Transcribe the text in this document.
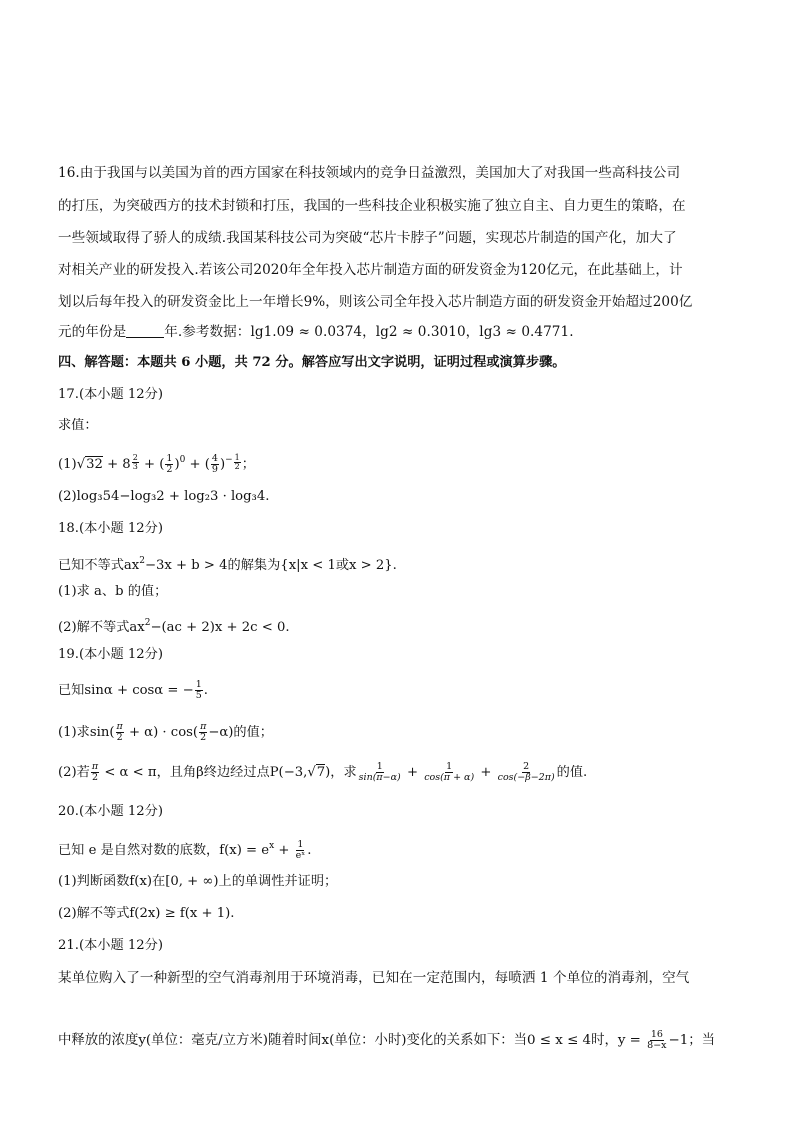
16.由于我国与以美国为首的西方国家在科技领域内的竞争日益激烈，美国加大了对我国一些高科技公司
的打压，为突破西方的技术封锁和打压，我国的一些科技企业积极实施了独立自主、自力更生的策略，在
一些领域取得了骄人的成绩.我国某科技公司为突破“芯片卡脖子”问题，实现芯片制造的国产化，加大了
对相关产业的研发投入.若该公司2020年全年投入芯片制造方面的研发资金为120亿元，在此基础上，计
划以后每年投入的研发资金比上一年增长9%，则该公司全年投入芯片制造方面的研发资金开始超过200亿
元的年份是	年.参考数据：lg1.09 ≈ 0.0374，lg2 ≈ 0.3010，lg3 ≈ 0.4771.
四、解答题：本题共 6 小题，共 72 分。解答应写出文字说明，证明过程或演算步骤。
17.(本小题 12分)
求值：
$(1)√32 + 8 \frac{2}{3}$ + ( $\frac{1}{2} )^0$ + ( $\frac{4}{9} )^- \frac{1}{2}$ ；
(2)log₃54−log₃2 + log₂3 · log₃4.
18.(本小题 12分)
已知不等式$ax^2-3x + b > 4$的解集为{x|x < 1或x > 2}.
(1)求 a、b 的值；
(2)解不等式$ax^2-(ac + 2)x + 2c < 0$.
19.(本小题 12分)
已知sinα + cosα = − $\frac{1}{5}$ .
(1)求$\sin( \frac{\pi}{2} + \alpha) \cdot \cos( \frac{\pi}{2} -\alpha)$的值；
(2)若 $\frac{\pi}{2} < \alpha < \pi$，且角β终边经过点P(−3,√7)，求 $\frac{1}{\sin(\pi-\alpha)} + \frac{1}{\cos(\pi + \alpha)} + \frac{2}{\cos(-\beta-2\pi)}$ 的值.
20.(本小题 12分)
已知 e 是自然对数的底数，$f(x) = e^x + \frac{1}{\text{eˣ}}$ .
(1)判断函数f(x)在[0, + ∞)上的单调性并证明；
(2)解不等式f(2x) ≥ f(x + 1).
21.(本小题 12分)
某单位购入了一种新型的空气消毒剂用于环境消毒，已知在一定范围内，每喷洒 1 个单位的消毒剂，空气
中释放的浓度y(单位：毫克/立方米)随着时间x(单位：小时)变化的关系如下：当0 ≤ x ≤ 4时，$y = \frac{16}{8-x} -1$；当
